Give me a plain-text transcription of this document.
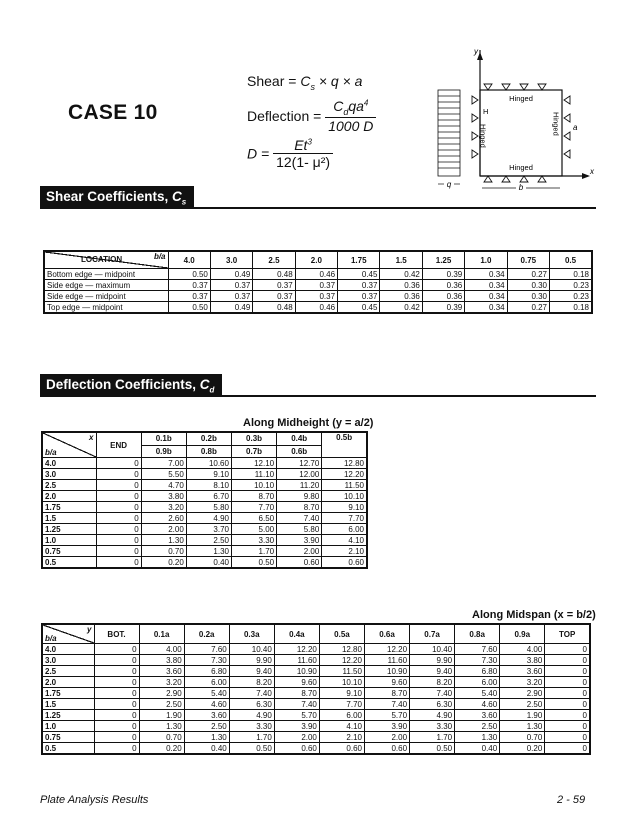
CASE 10
Shear = $C_s \times q \times a$
Deflection = $\frac{C_dqa^4}{1000 D}$
$D = \frac{Et^3}{\text{12(1- μ²)}}$
y
x
Hinged
Hinged
H
Hinged
Hinged a
b
q
Shear Coefficients, $C_s$
LOCATION b/a	4.0	3.0	2.5	2.0	1.75	1.5	1.25	1.0	0.75	0.5
Bottom edge — midpoint	0.50	0.49	0.48	0.46	0.45	0.42	0.39	0.34	0.27	0.18
Side edge — maximum	0.37	0.37	0.37	0.37	0.37	0.36	0.36	0.34	0.30	0.23
Side edge — midpoint	0.37	0.37	0.37	0.37	0.37	0.36	0.36	0.34	0.30	0.23
Top edge — midpoint	0.50	0.49	0.48	0.46	0.45	0.42	0.39	0.34	0.27	0.18
Deflection Coefficients, $C_d$
Along Midheight (y = a/2)
x
b/a	END	0.1b	0.2b	0.3b	0.4b	0.5b
		0.9b	0.8b	0.7b	0.6b	
4.0	0	7.00	10.60	12.10	12.70	12.80
3.0	0	5.50	9.10	11.10	12.00	12.20
2.5	0	4.70	8.10	10.10	11.20	11.50
2.0	0	3.80	6.70	8.70	9.80	10.10
1.75	0	3.20	5.80	7.70	8.70	9.10
1.5	0	2.60	4.90	6.50	7.40	7.70
1.25	0	2.00	3.70	5.00	5.80	6.00
1.0	0	1.30	2.50	3.30	3.90	4.10
0.75	0	0.70	1.30	1.70	2.00	2.10
0.5	0	0.20	0.40	0.50	0.60	0.60
Along Midspan (x = b/2)
y
b/a	BOT.	0.1a	0.2a	0.3a	0.4a	0.5a	0.6a	0.7a	0.8a	0.9a	TOP
4.0	0	4.00	7.60	10.40	12.20	12.80	12.20	10.40	7.60	4.00	0
3.0	0	3.80	7.30	9.90	11.60	12.20	11.60	9.90	7.30	3.80	0
2.5	0	3.60	6.80	9.40	10.90	11.50	10.90	9.40	6.80	3.60	0
2.0	0	3.20	6.00	8.20	9.60	10.10	9.60	8.20	6.00	3.20	0
1.75	0	2.90	5.40	7.40	8.70	9.10	8.70	7.40	5.40	2.90	0
1.5	0	2.50	4.60	6.30	7.40	7.70	7.40	6.30	4.60	2.50	0
1.25	0	1.90	3.60	4.90	5.70	6.00	5.70	4.90	3.60	1.90	0
1.0	0	1.30	2.50	3.30	3.90	4.10	3.90	3.30	2.50	1.30	0
0.75	0	0.70	1.30	1.70	2.00	2.10	2.00	1.70	1.30	0.70	0
0.5	0	0.20	0.40	0.50	0.60	0.60	0.60	0.50	0.40	0.20	0
Plate Analysis Results	2 - 59
